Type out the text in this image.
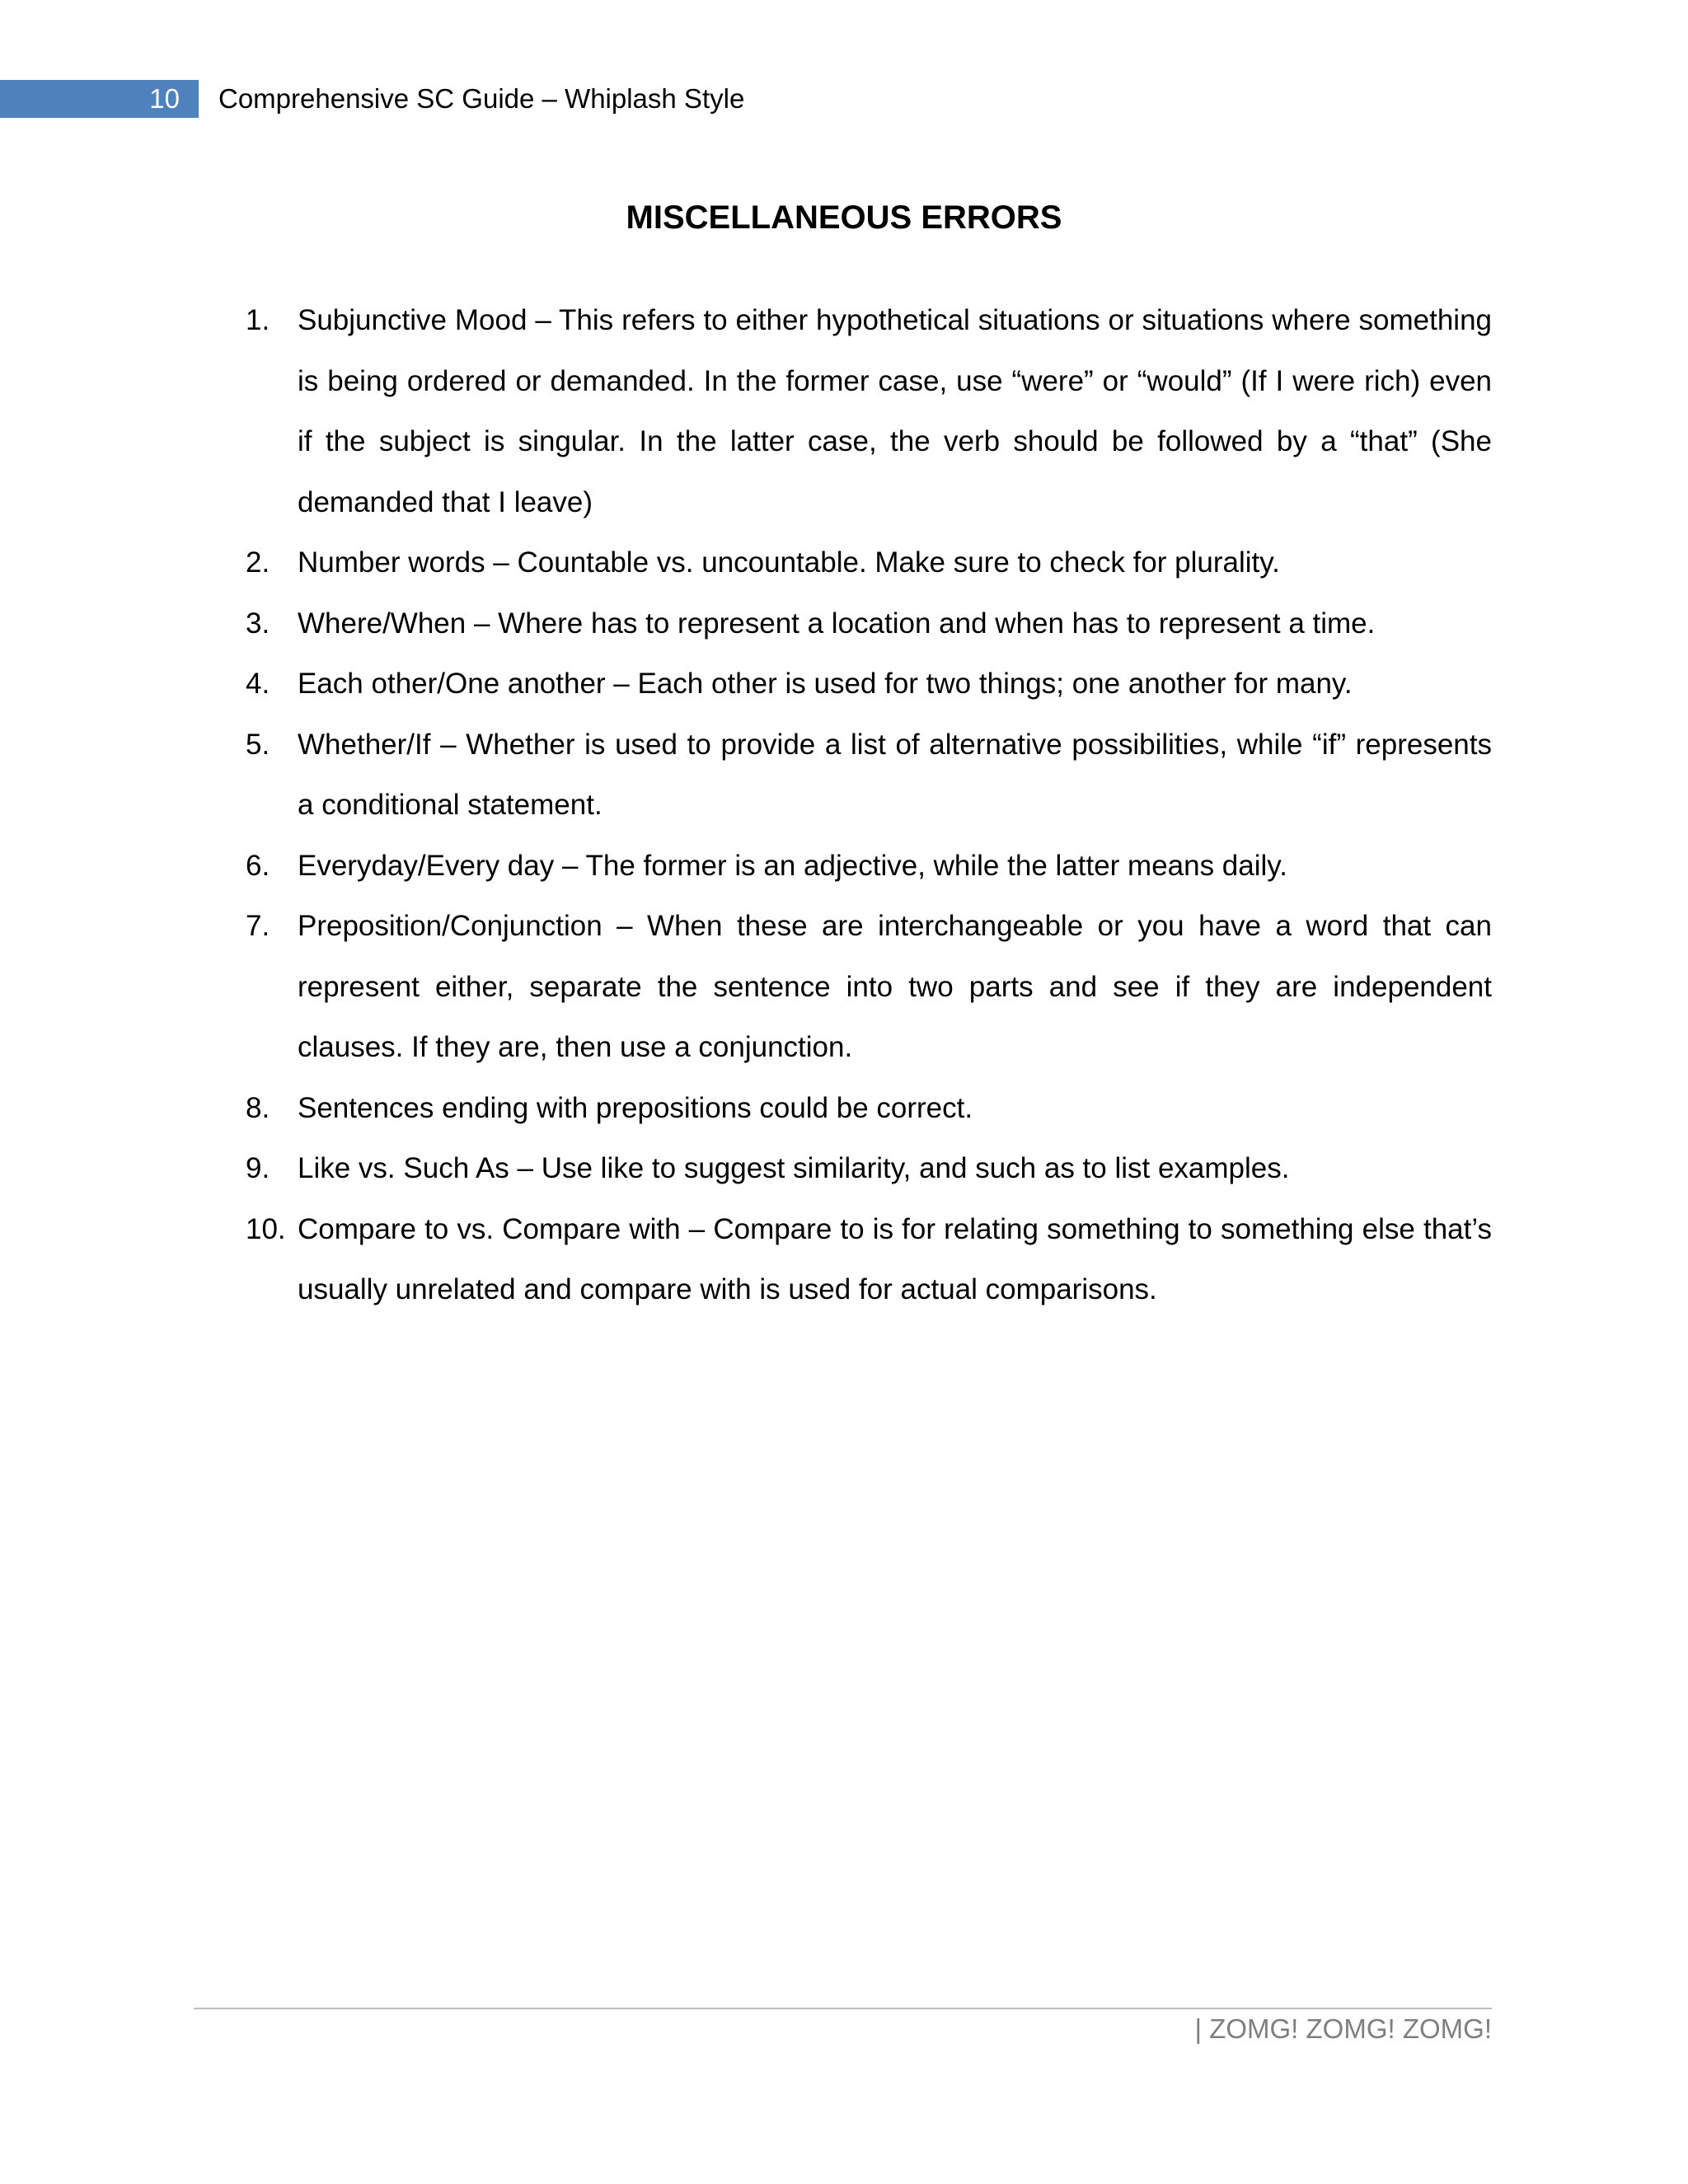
10 Comprehensive SC Guide – Whiplash Style
MISCELLANEOUS ERRORS
1. Subjunctive Mood – This refers to either hypothetical situations or situations where something is being ordered or demanded. In the former case, use “were” or “would” (If I were rich) even if the subject is singular. In the latter case, the verb should be followed by a “that” (She demanded that I leave)
2. Number words – Countable vs. uncountable. Make sure to check for plurality.
3. Where/When – Where has to represent a location and when has to represent a time.
4. Each other/One another – Each other is used for two things; one another for many.
5. Whether/If – Whether is used to provide a list of alternative possibilities, while “if” represents a conditional statement.
6. Everyday/Every day – The former is an adjective, while the latter means daily.
7. Preposition/Conjunction – When these are interchangeable or you have a word that can represent either, separate the sentence into two parts and see if they are independent clauses. If they are, then use a conjunction.
8. Sentences ending with prepositions could be correct.
9. Like vs. Such As – Use like to suggest similarity, and such as to list examples.
10. Compare to vs. Compare with – Compare to is for relating something to something else that’s usually unrelated and compare with is used for actual comparisons.
| ZOMG! ZOMG! ZOMG!
